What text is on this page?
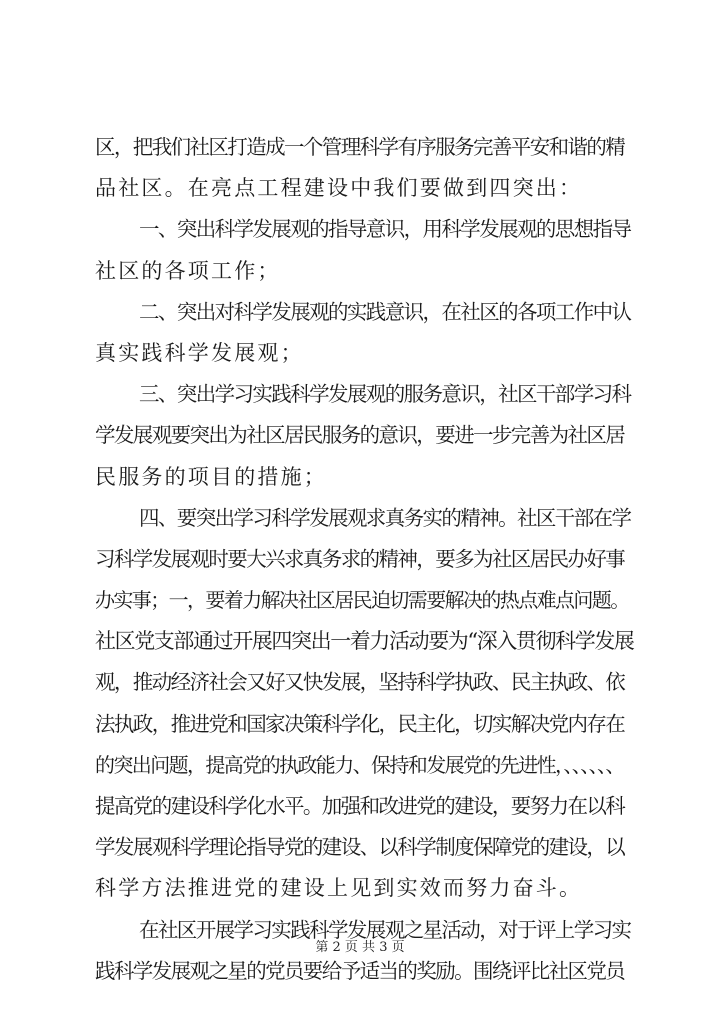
区，把我们社区打造成一个管理科学有序服务完善平安和谐的精
品社区。在亮点工程建设中我们要做到四突出：
一、突出科学发展观的指导意识，用科学发展观的思想指导
社区的各项工作；
二、突出对科学发展观的实践意识，在社区的各项工作中认
真实践科学发展观；
三、突出学习实践科学发展观的服务意识，社区干部学习科
学发展观要突出为社区居民服务的意识，要进一步完善为社区居
民服务的项目的措施；
四、要突出学习科学发展观求真务实的精神。社区干部在学
习科学发展观时要大兴求真务求的精神，要多为社区居民办好事
办实事；一，要着力解决社区居民迫切需要解决的热点难点问题。
社区党支部通过开展四突出一着力活动要为“深入贯彻科学发展
观，推动经济社会又好又快发展，坚持科学执政、民主执政、依
法执政，推进党和国家决策科学化，民主化，切实解决党内存在
的突出问题，提高党的执政能力、保持和发展党的先进性，、、、、、、
提高党的建设科学化水平。加强和改进党的建设，要努力在以科
学发展观科学理论指导党的建设、以科学制度保障党的建设，以
科学方法推进党的建设上见到实效而努力奋斗。
在社区开展学习实践科学发展观之星活动，对于评上学习实
践科学发展观之星的党员要给予适当的奖励。围绕评比社区党员
第 2 页 共 3 页
